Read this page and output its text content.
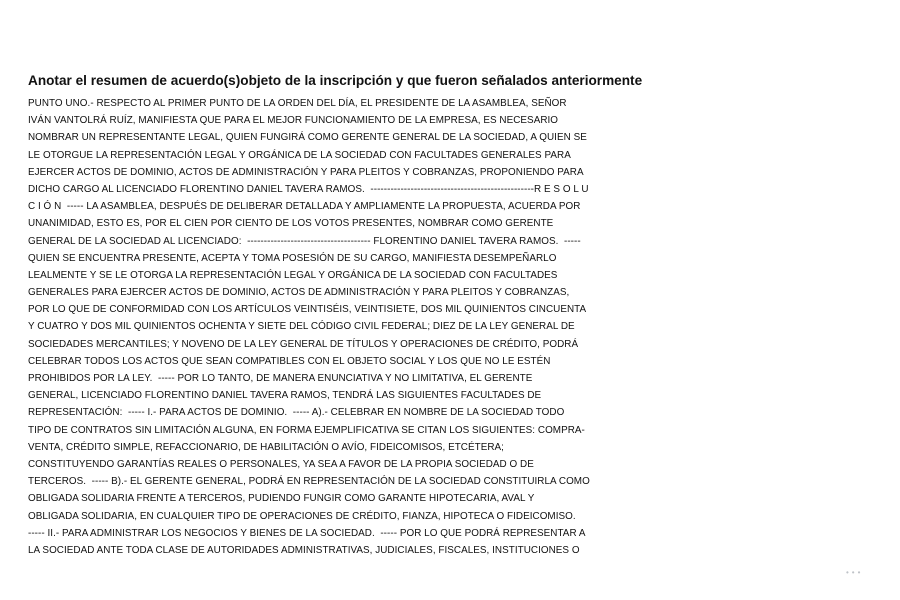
Anotar el resumen de acuerdo(s)objeto de la inscripción y que fueron señalados anteriormente

PUNTO UNO.- RESPECTO AL PRIMER PUNTO DE LA ORDEN DEL DÍA, EL PRESIDENTE DE LA ASAMBLEA, SEÑOR
IVÁN VANTOLRÁ RUÍZ, MANIFIESTA QUE PARA EL MEJOR FUNCIONAMIENTO DE LA EMPRESA, ES NECESARIO
NOMBRAR UN REPRESENTANTE LEGAL, QUIEN FUNGIRÁ COMO GERENTE GENERAL DE LA SOCIEDAD, A QUIEN SE
LE OTORGUE LA REPRESENTACIÓN LEGAL Y ORGÁNICA DE LA SOCIEDAD CON FACULTADES GENERALES PARA
EJERCER ACTOS DE DOMINIO, ACTOS DE ADMINISTRACIÓN Y PARA PLEITOS Y COBRANZAS, PROPONIENDO PARA
DICHO CARGO AL LICENCIADO FLORENTINO DANIEL TAVERA RAMOS.  -------------------------------------------------R E S O L U
C I Ó N  ----- LA ASAMBLEA, DESPUÉS DE DELIBERAR DETALLADA Y AMPLIAMENTE LA PROPUESTA, ACUERDA POR
UNANIMIDAD, ESTO ES, POR EL CIEN POR CIENTO DE LOS VOTOS PRESENTES, NOMBRAR COMO GERENTE
GENERAL DE LA SOCIEDAD AL LICENCIADO:  ------------------------------------- FLORENTINO DANIEL TAVERA RAMOS.  -----
QUIEN SE ENCUENTRA PRESENTE, ACEPTA Y TOMA POSESIÓN DE SU CARGO, MANIFIESTA DESEMPEÑARLO
LEALMENTE Y SE LE OTORGA LA REPRESENTACIÓN LEGAL Y ORGÁNICA DE LA SOCIEDAD CON FACULTADES
GENERALES PARA EJERCER ACTOS DE DOMINIO, ACTOS DE ADMINISTRACIÓN Y PARA PLEITOS Y COBRANZAS,
POR LO QUE DE CONFORMIDAD CON LOS ARTÍCULOS VEINTISÉIS, VEINTISIETE, DOS MIL QUINIENTOS CINCUENTA
Y CUATRO Y DOS MIL QUINIENTOS OCHENTA Y SIETE DEL CÓDIGO CIVIL FEDERAL; DIEZ DE LA LEY GENERAL DE
SOCIEDADES MERCANTILES; Y NOVENO DE LA LEY GENERAL DE TÍTULOS Y OPERACIONES DE CRÉDITO, PODRÁ
CELEBRAR TODOS LOS ACTOS QUE SEAN COMPATIBLES CON EL OBJETO SOCIAL Y LOS QUE NO LE ESTÉN
PROHIBIDOS POR LA LEY.  ----- POR LO TANTO, DE MANERA ENUNCIATIVA Y NO LIMITATIVA, EL GERENTE
GENERAL, LICENCIADO FLORENTINO DANIEL TAVERA RAMOS, TENDRÁ LAS SIGUIENTES FACULTADES DE
REPRESENTACIÓN:  ----- I.- PARA ACTOS DE DOMINIO.  ----- A).- CELEBRAR EN NOMBRE DE LA SOCIEDAD TODO
TIPO DE CONTRATOS SIN LIMITACIÓN ALGUNA, EN FORMA EJEMPLIFICATIVA SE CITAN LOS SIGUIENTES: COMPRA-
VENTA, CRÉDITO SIMPLE, REFACCIONARIO, DE HABILITACIÓN O AVÍO, FIDEICOMISOS, ETCÉTERA;
CONSTITUYENDO GARANTÍAS REALES O PERSONALES, YA SEA A FAVOR DE LA PROPIA SOCIEDAD O DE
TERCEROS.  ----- B).- EL GERENTE GENERAL, PODRÁ EN REPRESENTACIÓN DE LA SOCIEDAD CONSTITUIRLA COMO
OBLIGADA SOLIDARIA FRENTE A TERCEROS, PUDIENDO FUNGIR COMO GARANTE HIPOTECARIA, AVAL Y
OBLIGADA SOLIDARIA, EN CUALQUIER TIPO DE OPERACIONES DE CRÉDITO, FIANZA, HIPOTECA O FIDEICOMISO.
----- II.- PARA ADMINISTRAR LOS NEGOCIOS Y BIENES DE LA SOCIEDAD.  ----- POR LO QUE PODRÁ REPRESENTAR A
LA SOCIEDAD ANTE TODA CLASE DE AUTORIDADES ADMINISTRATIVAS, JUDICIALES, FISCALES, INSTITUCIONES O
•••
